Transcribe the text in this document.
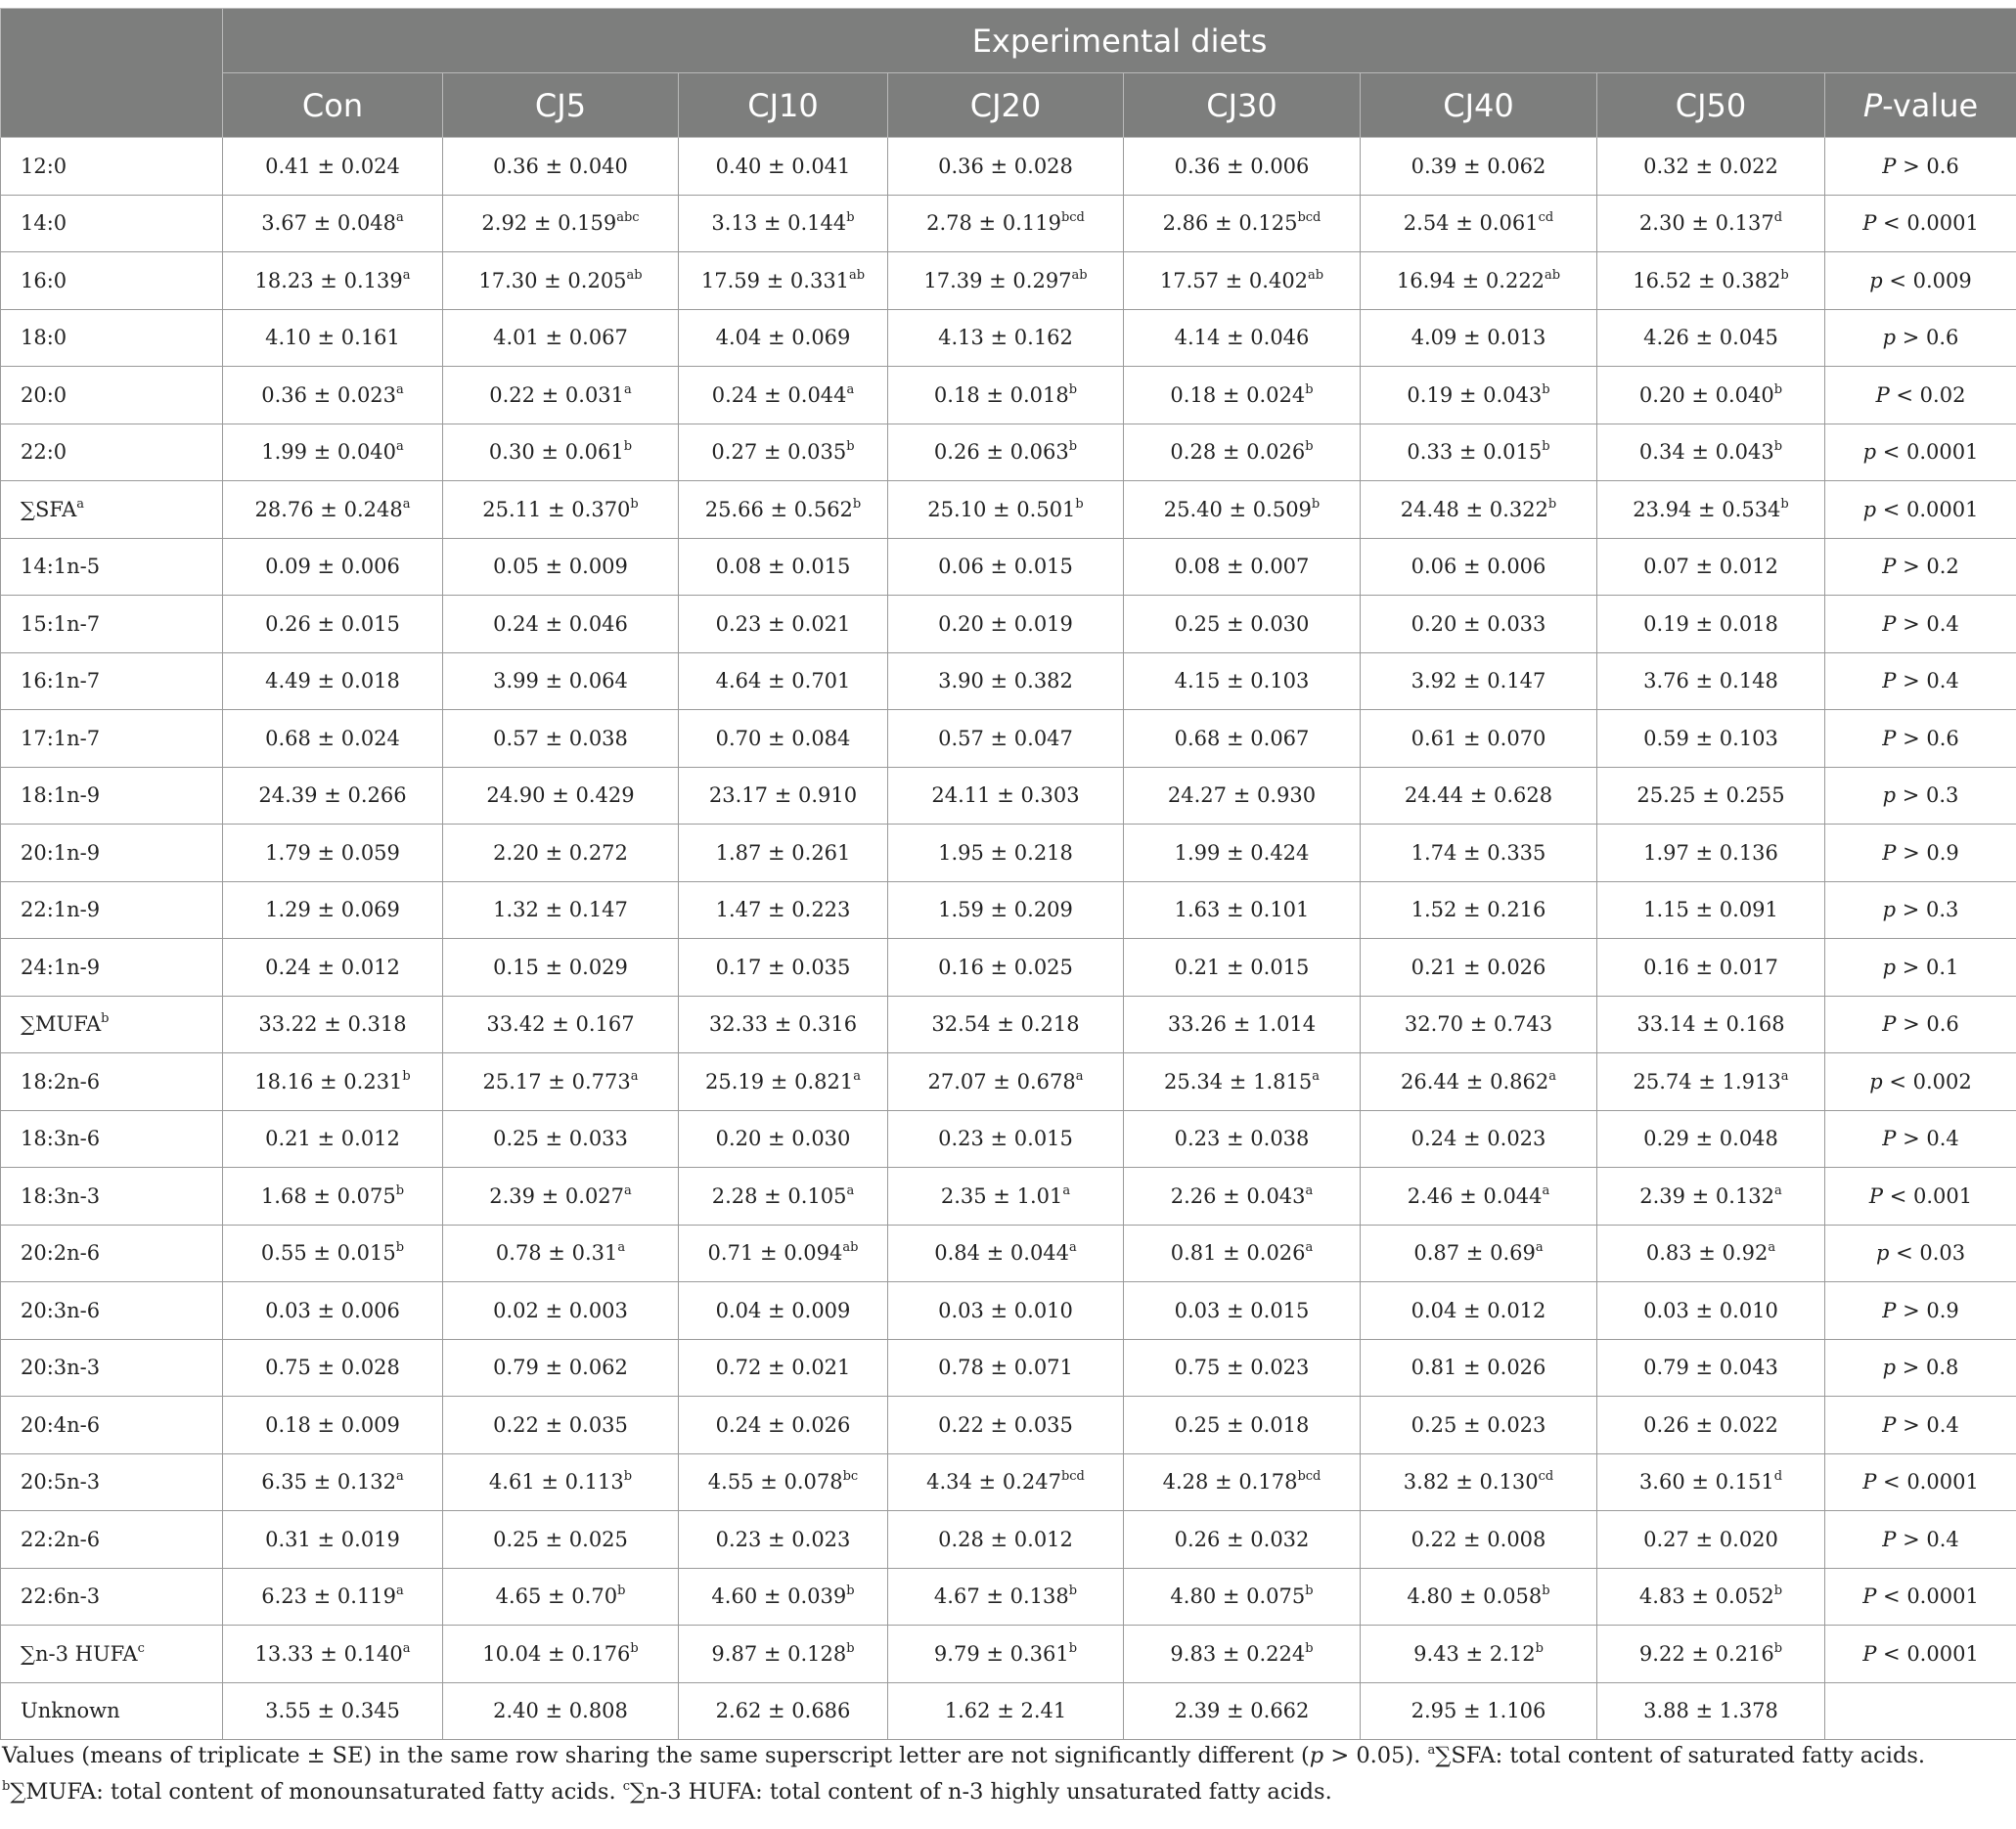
	Experimental diets							
	Con	CJ5	CJ10	CJ20	CJ30	CJ40	CJ50	P-value
12:0	0.41 ± 0.024	0.36 ± 0.040	0.40 ± 0.041	0.36 ± 0.028	0.36 ± 0.006	0.39 ± 0.062	0.32 ± 0.022	P > 0.6
14:0	3.67 ± 0.048$^a$	2.92 ± 0.159$^{abc}$	3.13 ± 0.144$^b$	2.78 ± 0.119$^{bcd}$	2.86 ± 0.125$^{bcd}$	2.54 ± 0.061$^{cd}$	2.30 ± 0.137$^d$	P < 0.0001
16:0	18.23 ± 0.139$^a$	17.30 ± 0.205$^{ab}$	17.59 ± 0.331$^{ab}$	17.39 ± 0.297$^{ab}$	17.57 ± 0.402$^{ab}$	16.94 ± 0.222$^{ab}$	16.52 ± 0.382$^b$	p < 0.009
18:0	4.10 ± 0.161	4.01 ± 0.067	4.04 ± 0.069	4.13 ± 0.162	4.14 ± 0.046	4.09 ± 0.013	4.26 ± 0.045	p > 0.6
20:0	0.36 ± 0.023$^a$	0.22 ± 0.031$^a$	0.24 ± 0.044$^a$	0.18 ± 0.018$^b$	0.18 ± 0.024$^b$	0.19 ± 0.043$^b$	0.20 ± 0.040$^b$	P < 0.02
22:0	1.99 ± 0.040$^a$	0.30 ± 0.061$^b$	0.27 ± 0.035$^b$	0.26 ± 0.063$^b$	0.28 ± 0.026$^b$	0.33 ± 0.015$^b$	0.34 ± 0.043$^b$	p < 0.0001
∑SFA$^a$	28.76 ± 0.248$^a$	25.11 ± 0.370$^b$	25.66 ± 0.562$^b$	25.10 ± 0.501$^b$	25.40 ± 0.509$^b$	24.48 ± 0.322$^b$	23.94 ± 0.534$^b$	p < 0.0001
14:1n-5	0.09 ± 0.006	0.05 ± 0.009	0.08 ± 0.015	0.06 ± 0.015	0.08 ± 0.007	0.06 ± 0.006	0.07 ± 0.012	P > 0.2
15:1n-7	0.26 ± 0.015	0.24 ± 0.046	0.23 ± 0.021	0.20 ± 0.019	0.25 ± 0.030	0.20 ± 0.033	0.19 ± 0.018	P > 0.4
16:1n-7	4.49 ± 0.018	3.99 ± 0.064	4.64 ± 0.701	3.90 ± 0.382	4.15 ± 0.103	3.92 ± 0.147	3.76 ± 0.148	P > 0.4
17:1n-7	0.68 ± 0.024	0.57 ± 0.038	0.70 ± 0.084	0.57 ± 0.047	0.68 ± 0.067	0.61 ± 0.070	0.59 ± 0.103	P > 0.6
18:1n-9	24.39 ± 0.266	24.90 ± 0.429	23.17 ± 0.910	24.11 ± 0.303	24.27 ± 0.930	24.44 ± 0.628	25.25 ± 0.255	p > 0.3
20:1n-9	1.79 ± 0.059	2.20 ± 0.272	1.87 ± 0.261	1.95 ± 0.218	1.99 ± 0.424	1.74 ± 0.335	1.97 ± 0.136	P > 0.9
22:1n-9	1.29 ± 0.069	1.32 ± 0.147	1.47 ± 0.223	1.59 ± 0.209	1.63 ± 0.101	1.52 ± 0.216	1.15 ± 0.091	p > 0.3
24:1n-9	0.24 ± 0.012	0.15 ± 0.029	0.17 ± 0.035	0.16 ± 0.025	0.21 ± 0.015	0.21 ± 0.026	0.16 ± 0.017	p > 0.1
∑MUFA$^b$	33.22 ± 0.318	33.42 ± 0.167	32.33 ± 0.316	32.54 ± 0.218	33.26 ± 1.014	32.70 ± 0.743	33.14 ± 0.168	P > 0.6
18:2n-6	18.16 ± 0.231$^b$	25.17 ± 0.773$^a$	25.19 ± 0.821$^a$	27.07 ± 0.678$^a$	25.34 ± 1.815$^a$	26.44 ± 0.862$^a$	25.74 ± 1.913$^a$	p < 0.002
18:3n-6	0.21 ± 0.012	0.25 ± 0.033	0.20 ± 0.030	0.23 ± 0.015	0.23 ± 0.038	0.24 ± 0.023	0.29 ± 0.048	P > 0.4
18:3n-3	1.68 ± 0.075$^b$	2.39 ± 0.027$^a$	2.28 ± 0.105$^a$	2.35 ± 1.01$^a$	2.26 ± 0.043$^a$	2.46 ± 0.044$^a$	2.39 ± 0.132$^a$	P < 0.001
20:2n-6	0.55 ± 0.015$^b$	0.78 ± 0.31$^a$	0.71 ± 0.094$^{ab}$	0.84 ± 0.044$^a$	0.81 ± 0.026$^a$	0.87 ± 0.69$^a$	0.83 ± 0.92$^a$	p < 0.03
20:3n-6	0.03 ± 0.006	0.02 ± 0.003	0.04 ± 0.009	0.03 ± 0.010	0.03 ± 0.015	0.04 ± 0.012	0.03 ± 0.010	P > 0.9
20:3n-3	0.75 ± 0.028	0.79 ± 0.062	0.72 ± 0.021	0.78 ± 0.071	0.75 ± 0.023	0.81 ± 0.026	0.79 ± 0.043	p > 0.8
20:4n-6	0.18 ± 0.009	0.22 ± 0.035	0.24 ± 0.026	0.22 ± 0.035	0.25 ± 0.018	0.25 ± 0.023	0.26 ± 0.022	P > 0.4
20:5n-3	6.35 ± 0.132$^a$	4.61 ± 0.113$^b$	4.55 ± 0.078$^{bc}$	4.34 ± 0.247$^{bcd}$	4.28 ± 0.178$^{bcd}$	3.82 ± 0.130$^{cd}$	3.60 ± 0.151$^d$	P < 0.0001
22:2n-6	0.31 ± 0.019	0.25 ± 0.025	0.23 ± 0.023	0.28 ± 0.012	0.26 ± 0.032	0.22 ± 0.008	0.27 ± 0.020	P > 0.4
22:6n-3	6.23 ± 0.119$^a$	4.65 ± 0.70$^b$	4.60 ± 0.039$^b$	4.67 ± 0.138$^b$	4.80 ± 0.075$^b$	4.80 ± 0.058$^b$	4.83 ± 0.052$^b$	P < 0.0001
∑n-3 HUFA$^c$	13.33 ± 0.140$^a$	10.04 ± 0.176$^b$	9.87 ± 0.128$^b$	9.79 ± 0.361$^b$	9.83 ± 0.224$^b$	9.43 ± 2.12$^b$	9.22 ± 0.216$^b$	P < 0.0001
Unknown	3.55 ± 0.345	2.40 ± 0.808	2.62 ± 0.686	1.62 ± 2.41	2.39 ± 0.662	2.95 ± 1.106	3.88 ± 1.378	
Values (means of triplicate ± SE) in the same row sharing the same superscript letter are not significantly different (p > 0.05). $^a$∑SFA: total content of saturated fatty acids. $^b$∑MUFA: total content of monounsaturated fatty acids. $^c$∑n-3 HUFA: total content of n-3 highly unsaturated fatty acids.
